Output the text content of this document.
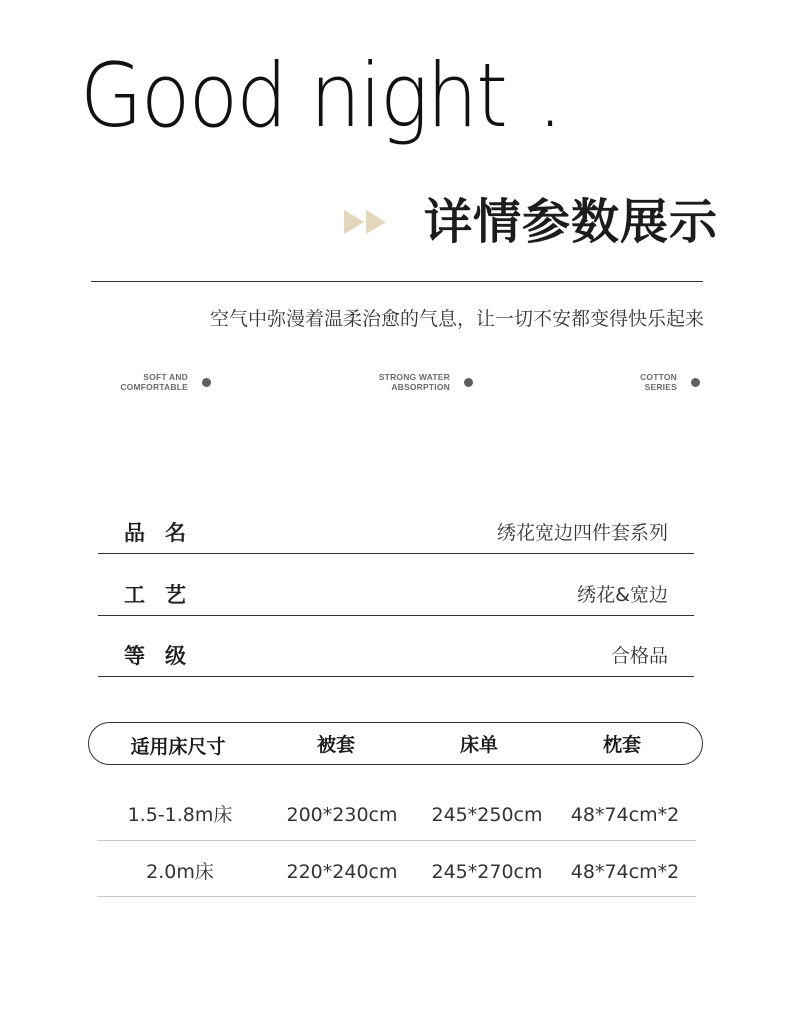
Good night .
详情参数展示
空气中弥漫着温柔治愈的气息，让一切不安都变得快乐起来
SOFT AND
COMFORTABLE
STRONG WATER
ABSORPTION
COTTON
SERIES
品名	绣花宽边四件套系列
工艺	绣花&宽边
等级	合格品
适用床尺寸	被套	床单	枕套
1.5-1.8m床	200*230cm 245*250cm 48*74cm*2
2.0m床	220*240cm 245*270cm 48*74cm*2
